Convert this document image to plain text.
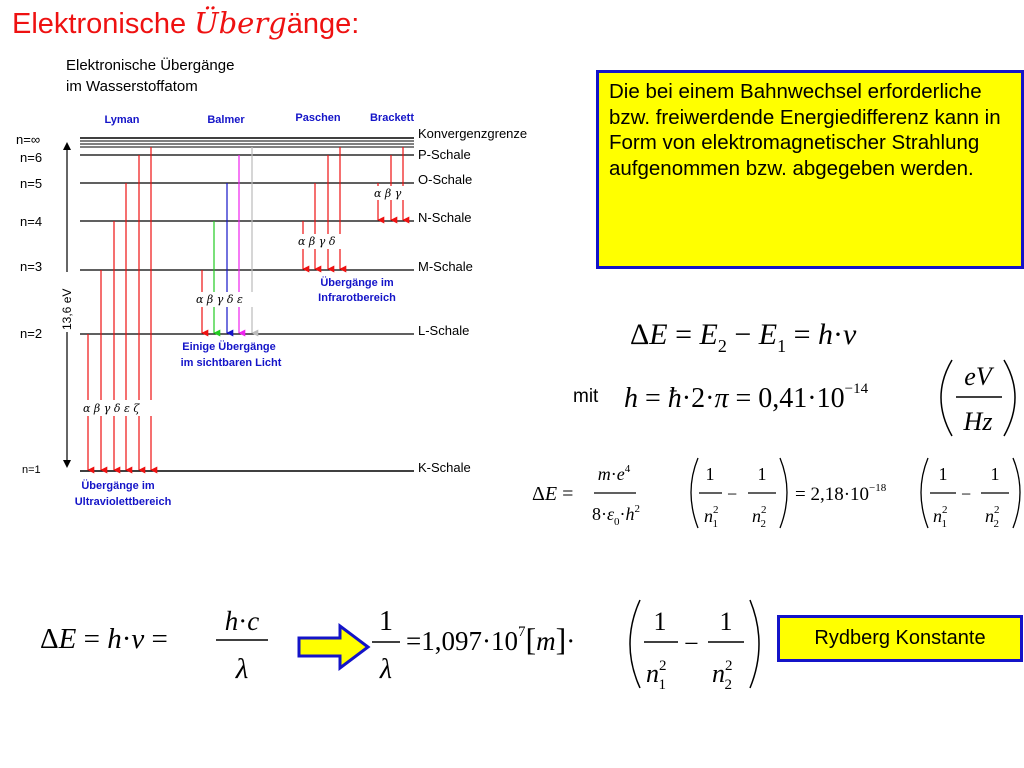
Elektronische Übergänge:
Elektronische Übergänge
im Wasserstoffatom
Lyman	Balmer	Paschen	Brackett
n=∞
n=6
n=5
n=4
n=3
n=2
n=1
Konvergenzgrenze
P-Schale
O-Schale
N-Schale
M-Schale
L-Schale
K-Schale
13,6 eV
α β γ δ ε ζ
Übergänge im
Ultraviolettbereich
α β γ δ ε
Einige Übergänge
im sichtbaren Licht
α β γ δ
Übergänge im
Infrarotbereich
α β γ
Die bei einem Bahnwechsel erforderliche bzw. freiwerdende Energiedifferenz kann in Form von elektromagnetischer Strahlung aufgenommen bzw. abgegeben werden.
$\Delta E = E_2 - E_1 = h\cdot\nu$
mit h = ħ·2·π = $0,41\cdot 10^{-14}$	eV
Hz
ΔE =
$m\cdot e^4$
$8\cdot\varepsilon_0\cdot h^2$
1
$n^2$ 1
−
1
$n^2$ 2
= $2,18\cdot 10^{-18}$
1
$n^2$ 1
−
1
$n^2$ 2
ΔE = h·ν =
h·c
λ
1
λ
$=1,097\cdot 10^7[m]\cdot$
1
$n^2$ 1
−
1
$n^2$ 2
Rydberg Konstante
